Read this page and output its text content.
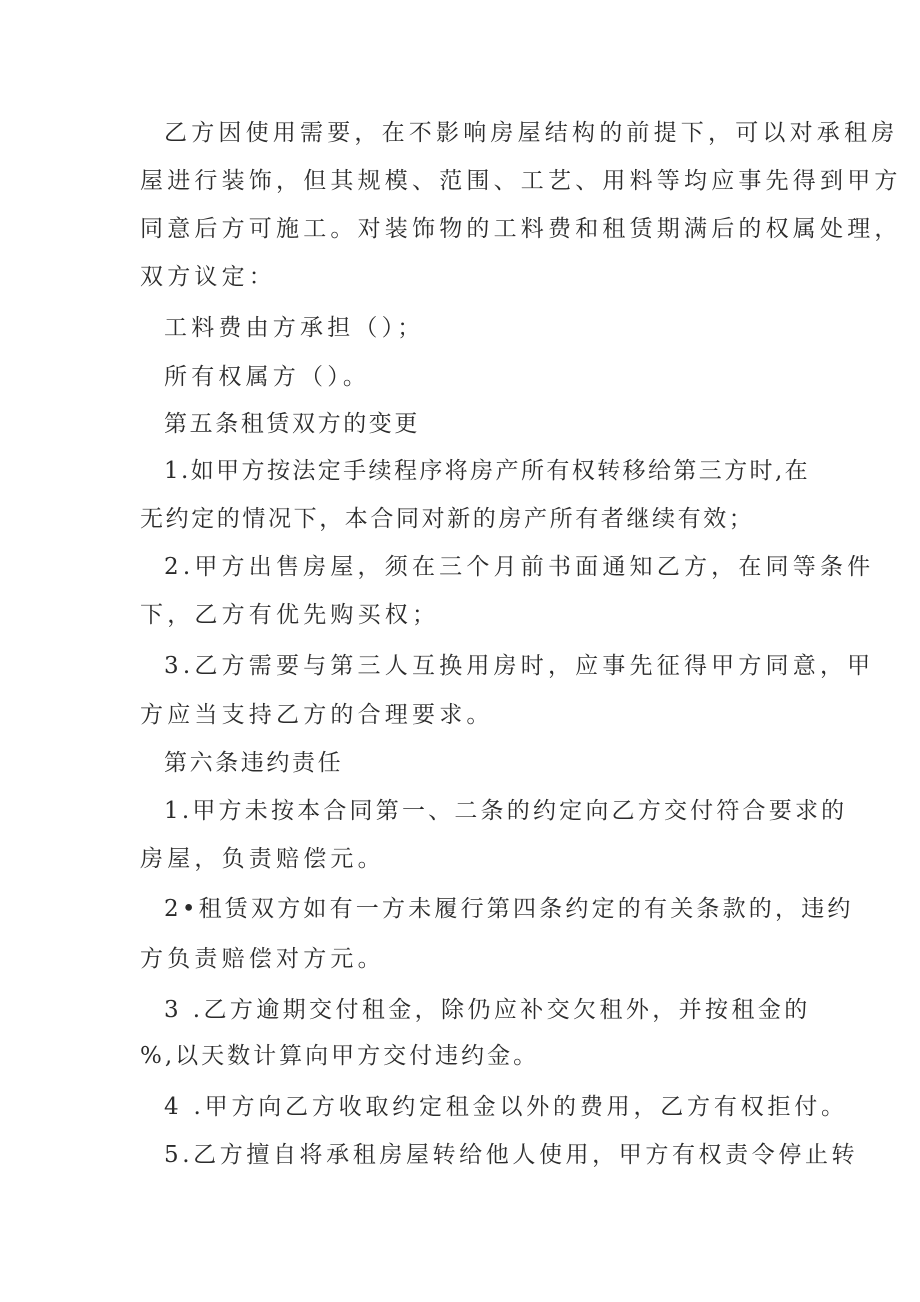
乙方因使用需要，在不影响房屋结构的前提下，可以对承租房
屋进行装饰，但其规模、范围、工艺、用料等均应事先得到甲方
同意后方可施工。对装饰物的工料费和租赁期满后的权属处理，
双方议定：
工料费由方承担（）；
所有权属方（）。
第五条租赁双方的变更
1.如甲方按法定手续程序将房产所有权转移给第三方时,在
无约定的情况下，本合同对新的房产所有者继续有效；
2.甲方出售房屋，须在三个月前书面通知乙方，在同等条件
下，乙方有优先购买权；
3.乙方需要与第三人互换用房时，应事先征得甲方同意，甲
方应当支持乙方的合理要求。
第六条违约责任
1.甲方未按本合同第一、二条的约定向乙方交付符合要求的
房屋，负责赔偿元。
2•租赁双方如有一方未履行第四条约定的有关条款的，违约
方负责赔偿对方元。
3 .乙方逾期交付租金，除仍应补交欠租外，并按租金的
%,以天数计算向甲方交付违约金。
4 .甲方向乙方收取约定租金以外的费用，乙方有权拒付。
5.乙方擅自将承租房屋转给他人使用，甲方有权责令停止转
